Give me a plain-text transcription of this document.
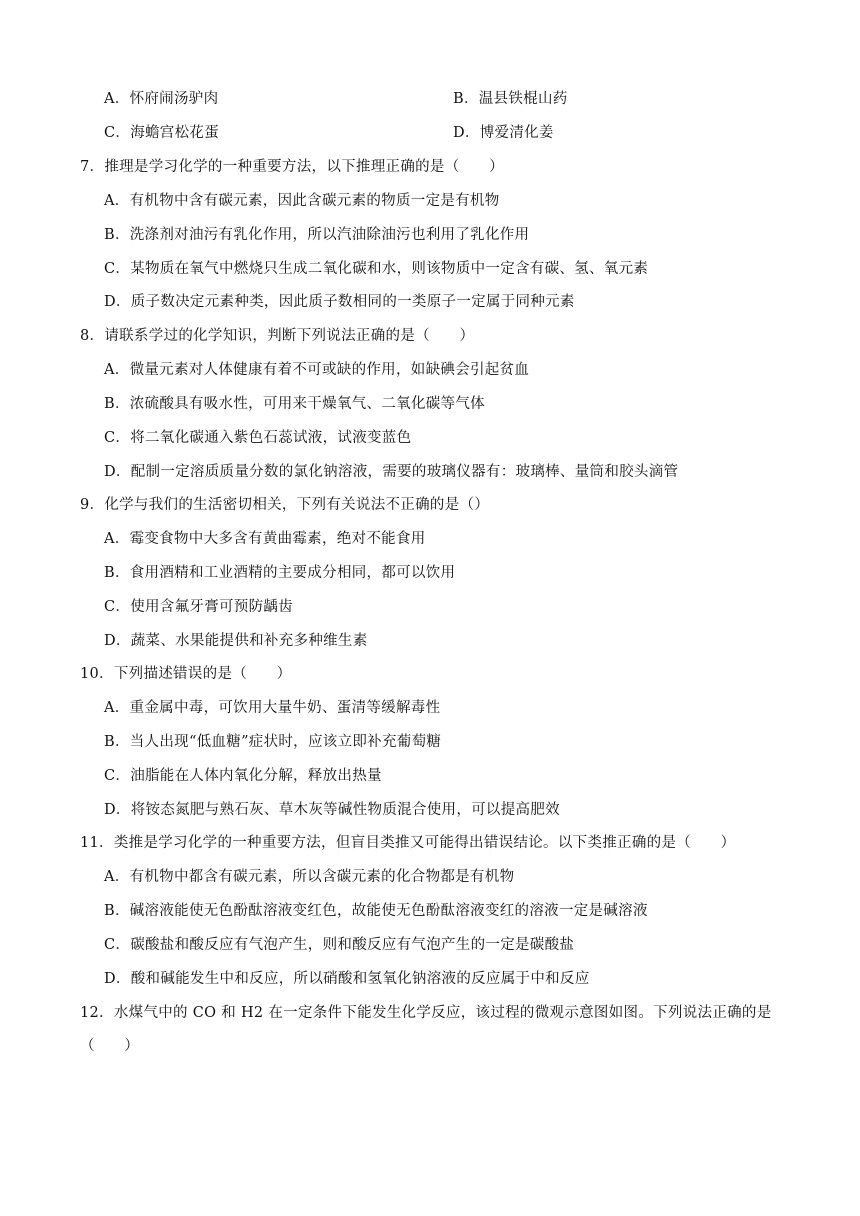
A．怀府闹汤驴肉	B．温县铁棍山药
C．海蟾宫松花蛋	D．博爱清化姜
7．推理是学习化学的一种重要方法，以下推理正确的是（　　）
A．有机物中含有碳元素，因此含碳元素的物质一定是有机物
B．洗涤剂对油污有乳化作用，所以汽油除油污也利用了乳化作用
C．某物质在氧气中燃烧只生成二氧化碳和水，则该物质中一定含有碳、氢、氧元素
D．质子数决定元素种类，因此质子数相同的一类原子一定属于同种元素
8．请联系学过的化学知识，判断下列说法正确的是（　　）
A．微量元素对人体健康有着不可或缺的作用，如缺碘会引起贫血
B．浓硫酸具有吸水性，可用来干燥氧气、二氧化碳等气体
C．将二氧化碳通入紫色石蕊试液，试液变蓝色
D．配制一定溶质质量分数的氯化钠溶液，需要的玻璃仪器有：玻璃棒、量筒和胶头滴管
9．化学与我们的生活密切相关，下列有关说法不正确的是（）
A．霉变食物中大多含有黄曲霉素，绝对不能食用
B．食用酒精和工业酒精的主要成分相同，都可以饮用
C．使用含氟牙膏可预防龋齿
D．蔬菜、水果能提供和补充多种维生素
10．下列描述错误的是（　　）
A．重金属中毒，可饮用大量牛奶、蛋清等缓解毒性
B．当人出现“低血糖”症状时，应该立即补充葡萄糖
C．油脂能在人体内氧化分解，释放出热量
D．将铵态氮肥与熟石灰、草木灰等碱性物质混合使用，可以提高肥效
11．类推是学习化学的一种重要方法，但盲目类推又可能得出错误结论。以下类推正确的是（　　）
A．有机物中都含有碳元素，所以含碳元素的化合物都是有机物
B．碱溶液能使无色酚酞溶液变红色，故能使无色酚酞溶液变红的溶液一定是碱溶液
C．碳酸盐和酸反应有气泡产生，则和酸反应有气泡产生的一定是碳酸盐
D．酸和碱能发生中和反应，所以硝酸和氢氧化钠溶液的反应属于中和反应
12．水煤气中的 CO 和 H2 在一定条件下能发生化学反应，该过程的微观示意图如图。下列说法正确的是
（　　）
